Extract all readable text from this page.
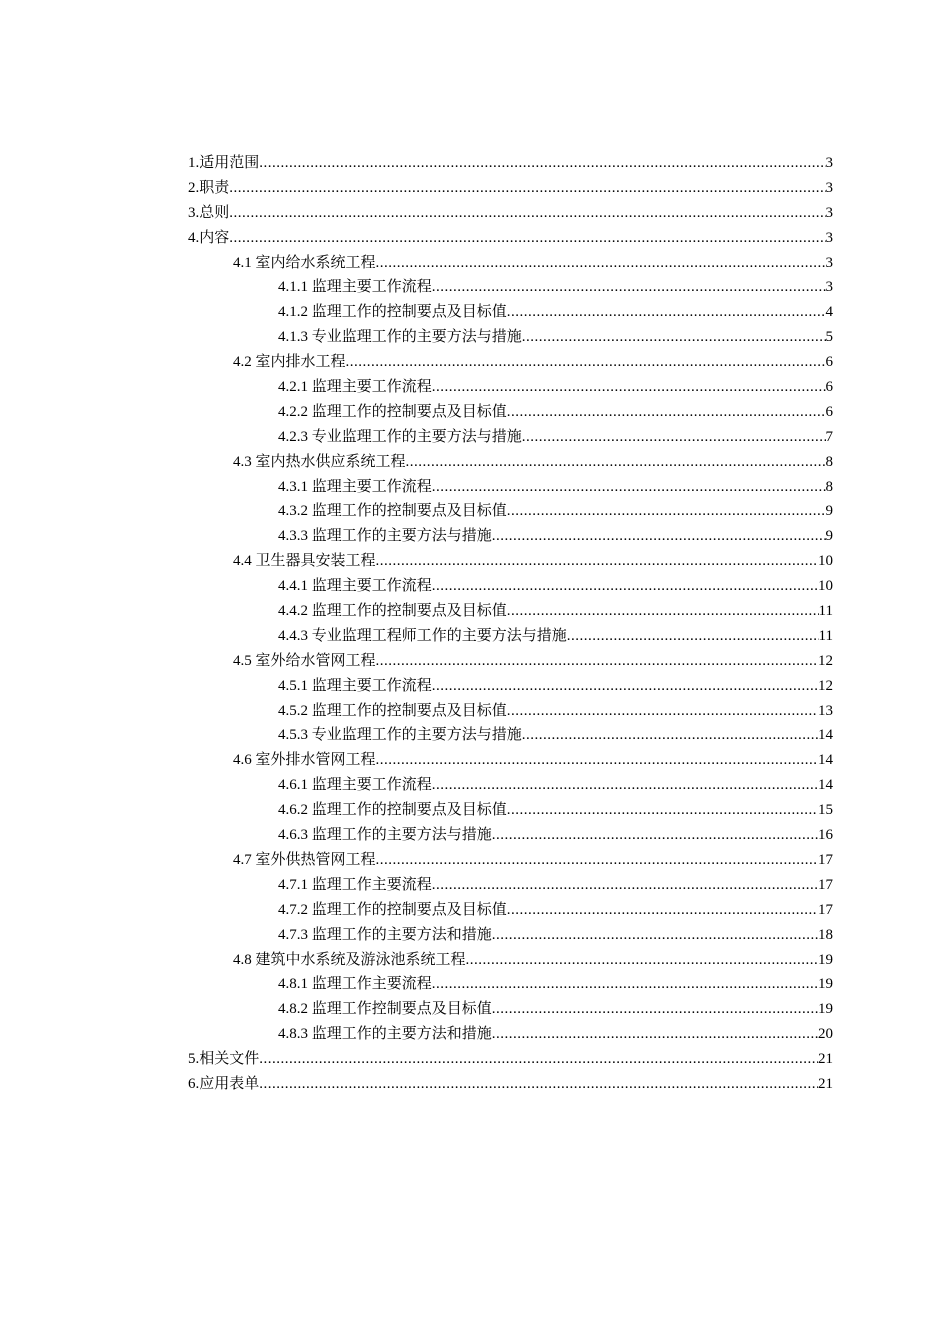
1.适用范围 .....	3
2.职责 .....	3
3.总则 .....	3
4.内容 .....	3
4.1 室内给水系统工程 .....	3
4.1.1 监理主要工作流程 .....	3
4.1.2 监理工作的控制要点及目标值 .....	4
4.1.3 专业监理工作的主要方法与措施 .....	5
4.2 室内排水工程 .....	6
4.2.1 监理主要工作流程 .....	6
4.2.2 监理工作的控制要点及目标值 .....	6
4.2.3 专业监理工作的主要方法与措施 .....	7
4.3 室内热水供应系统工程 .....	8
4.3.1 监理主要工作流程 .....	8
4.3.2 监理工作的控制要点及目标值 .....	9
4.3.3 监理工作的主要方法与措施 .....	9
4.4 卫生器具安装工程 .....	10
4.4.1 监理主要工作流程 .....	10
4.4.2 监理工作的控制要点及目标值 .....	11
4.4.3 专业监理工程师工作的主要方法与措施 .....	11
4.5 室外给水管网工程 .....	12
4.5.1 监理主要工作流程 .....	12
4.5.2 监理工作的控制要点及目标值 .....	13
4.5.3 专业监理工作的主要方法与措施 .....	14
4.6 室外排水管网工程 .....	14
4.6.1 监理主要工作流程 .....	14
4.6.2 监理工作的控制要点及目标值 .....	15
4.6.3 监理工作的主要方法与措施 .....	16
4.7 室外供热管网工程 .....	17
4.7.1 监理工作主要流程 .....	17
4.7.2 监理工作的控制要点及目标值 .....	17
4.7.3 监理工作的主要方法和措施 .....	18
4.8 建筑中水系统及游泳池系统工程 .....	19
4.8.1 监理工作主要流程 .....	19
4.8.2 监理工作控制要点及目标值 .....	19
4.8.3 监理工作的主要方法和措施 .....	20
5.相关文件 .....	21
6.应用表单 .....	21
